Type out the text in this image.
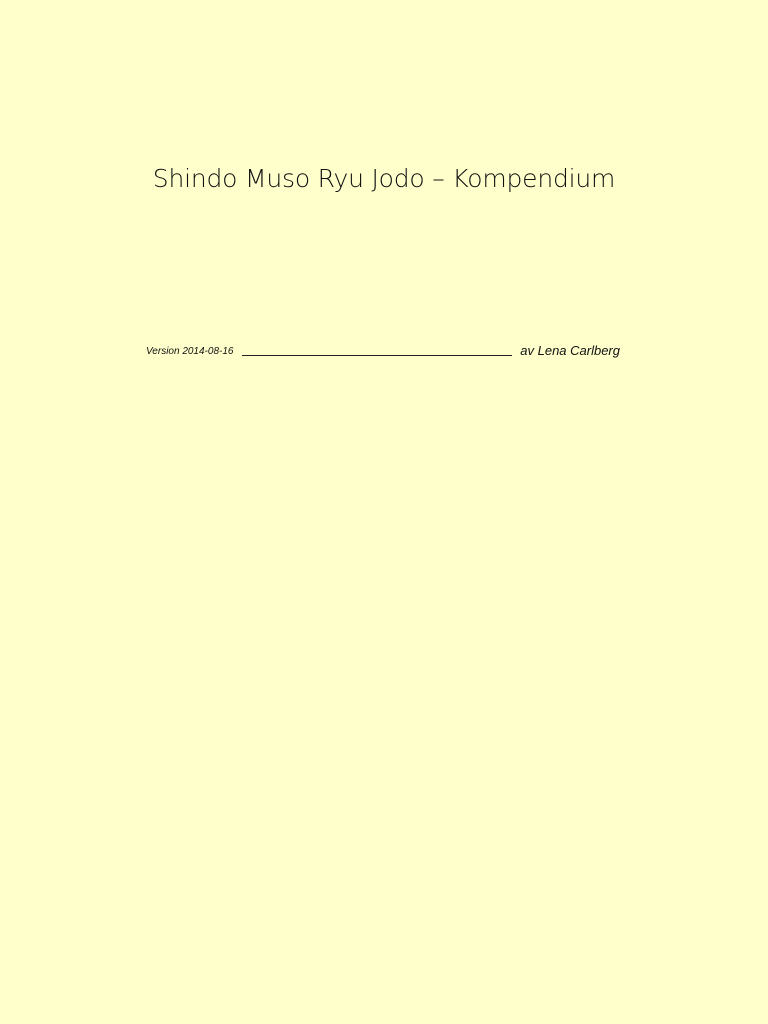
Shindo Muso Ryu Jodo – Kompendium
Version 2014-08-16	av Lena Carlberg
